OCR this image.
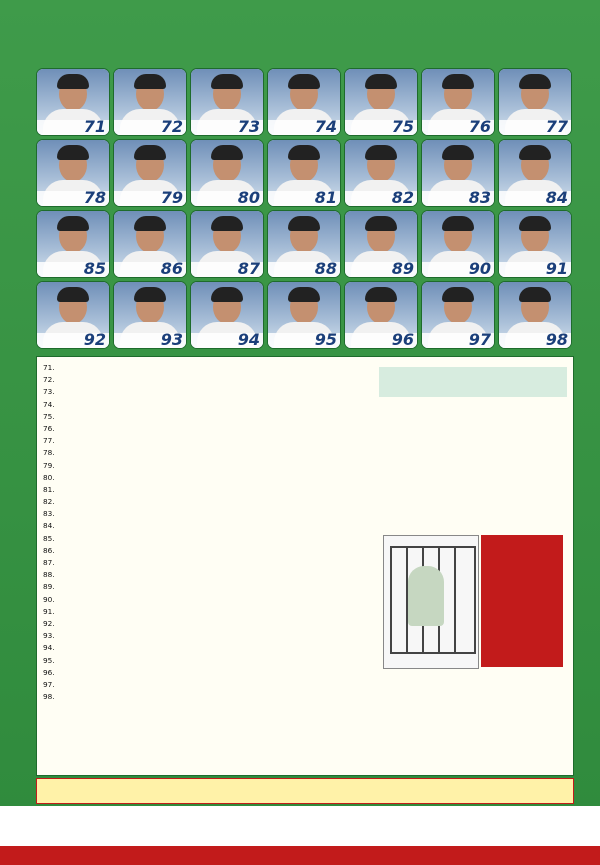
71	72	73	74	75	76	77
78	79	80	81	82	83	84
85	86	87	88	89	90	91
92	93	94	95	96	97	98
71.
72.
73.
74.
75.
76.
77.
78.
79.
80.
81.
82.
83.
84.
85.
86.
87.
88.
89.
90.
91.
92.
93.
94.
95.
96.
97.
98.
